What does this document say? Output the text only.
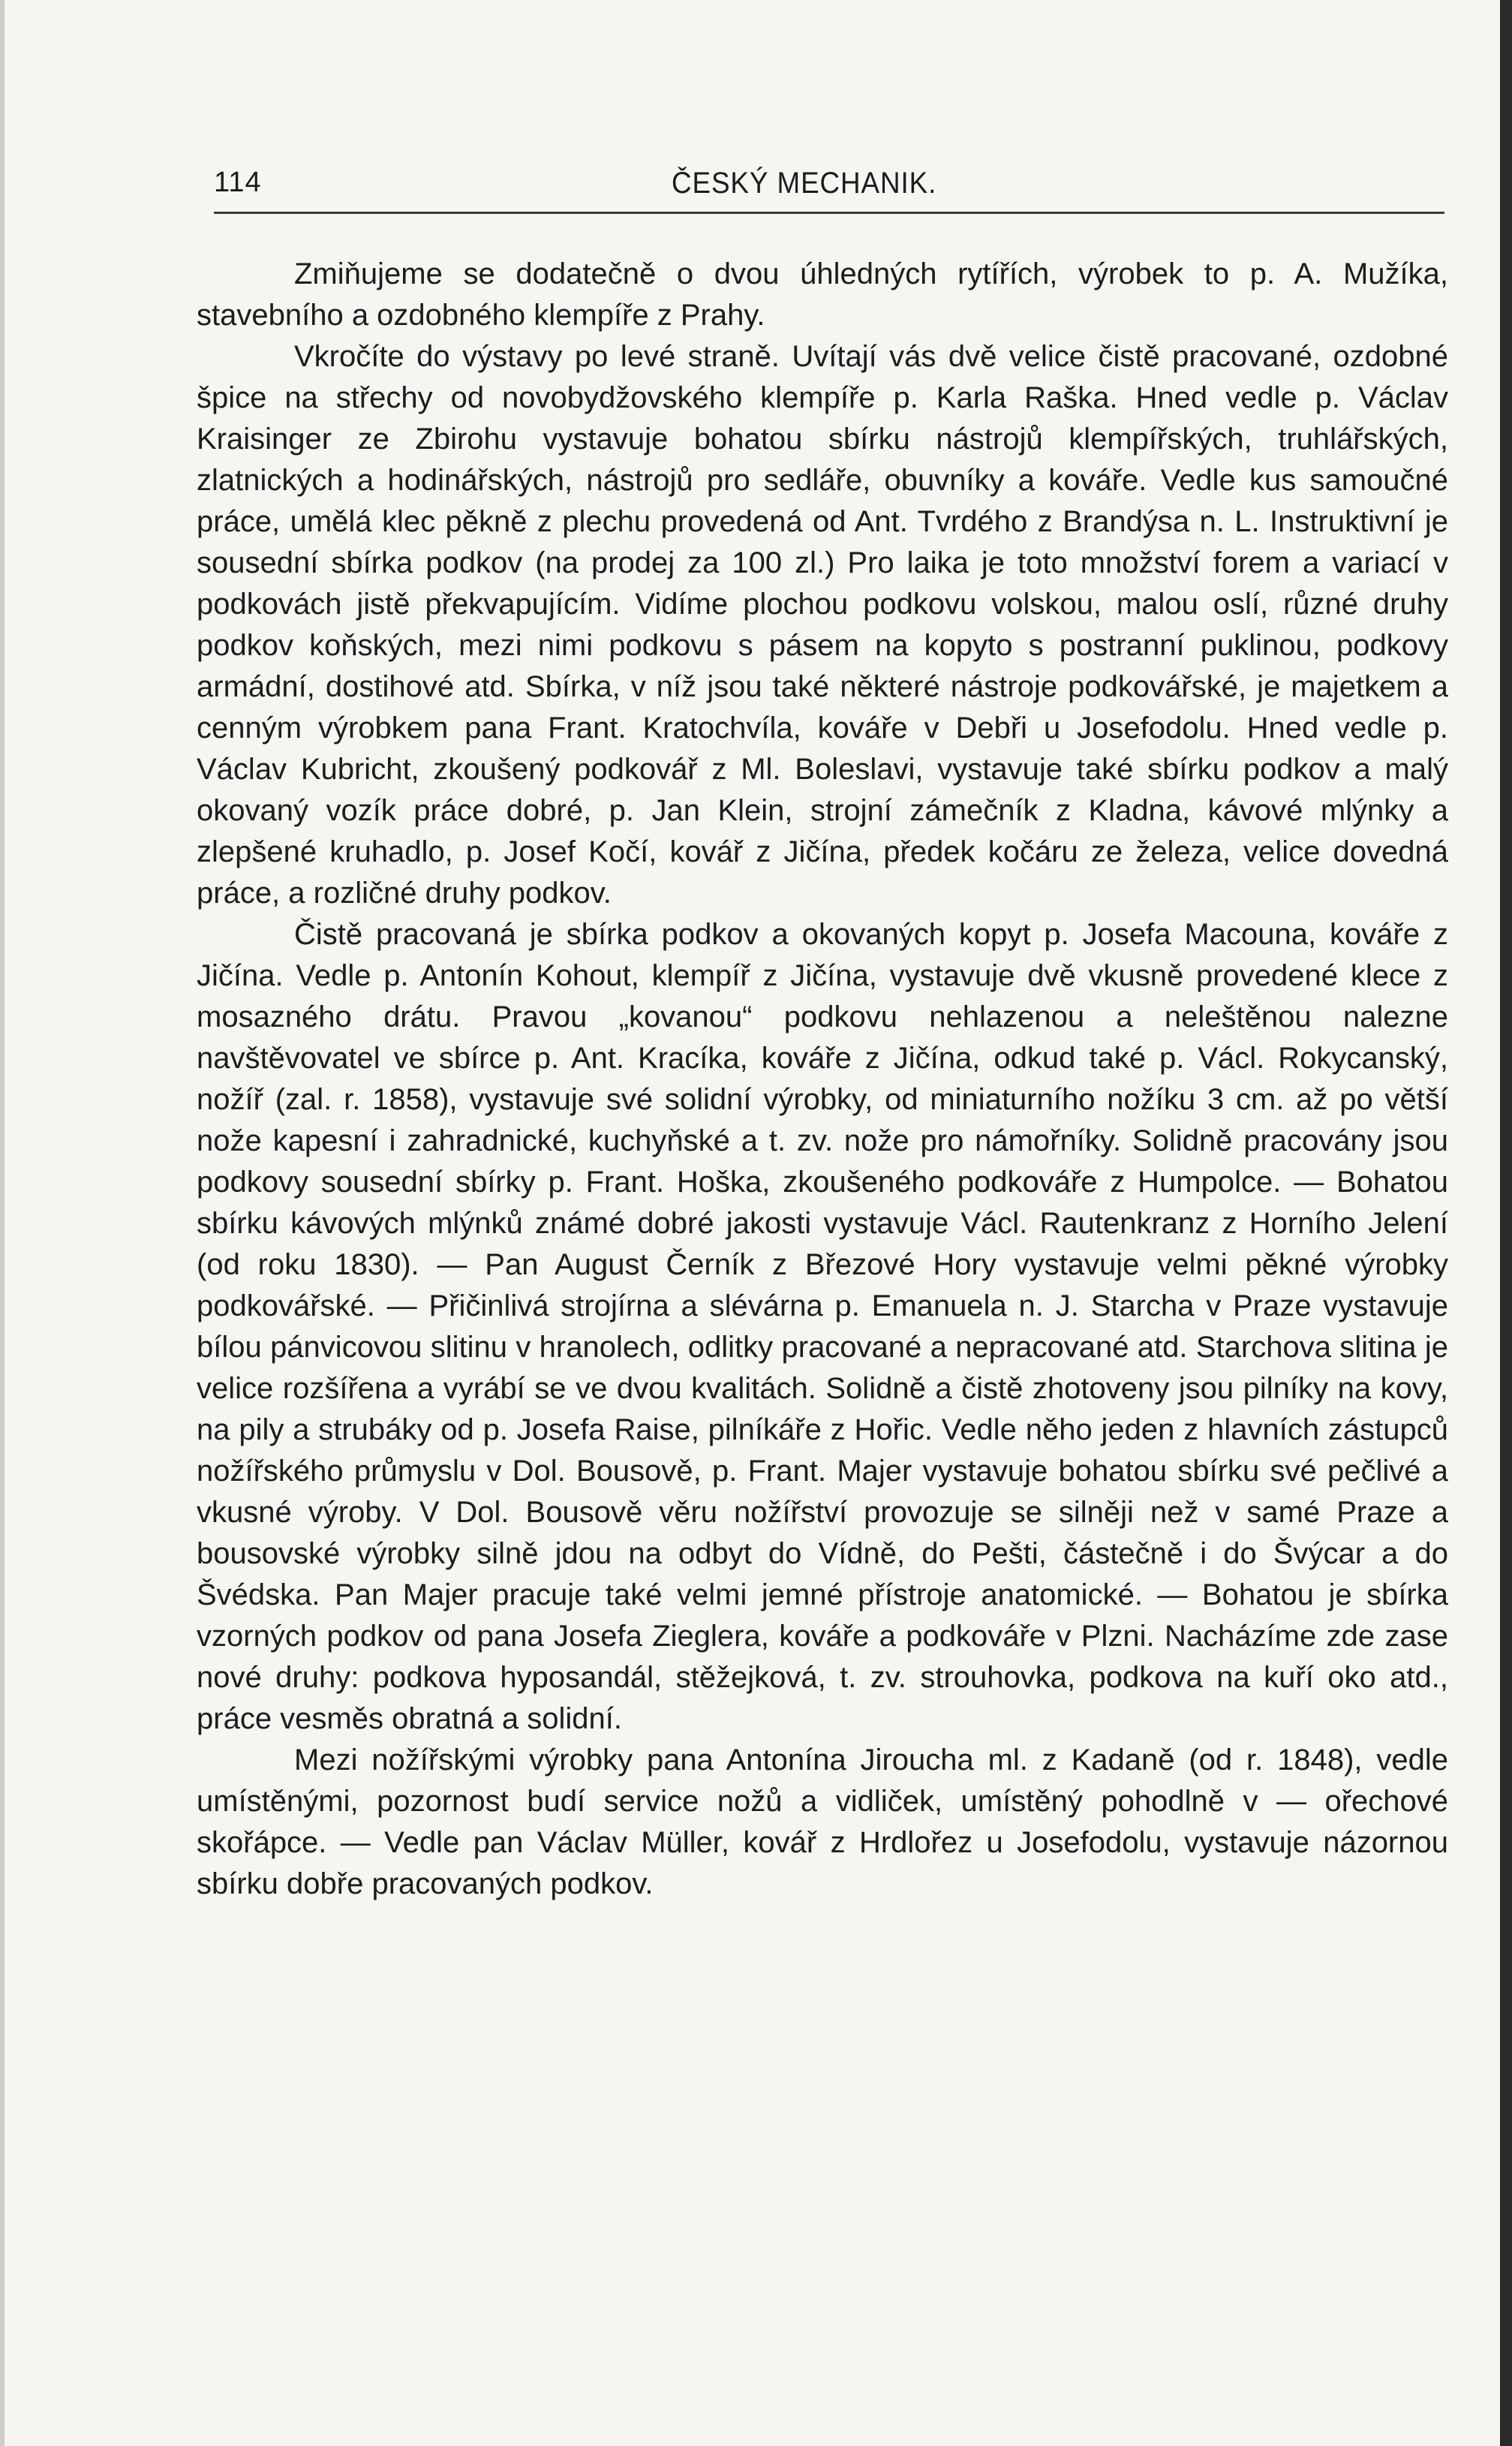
114	ČESKÝ MECHANIK.

Zmiňujeme se dodatečně o dvou úhledných rytířích, výrobek to p. A. Mužíka, stavebního a ozdobného klempíře z Prahy.

Vkročíte do výstavy po levé straně. Uvítají vás dvě velice čistě pracované, ozdobné špice na střechy od novobydžovského klempíře p. Karla Raška. Hned vedle p. Václav Kraisinger ze Zbirohu vystavuje bohatou sbírku nástrojů klempířských, truhlářských, zlatnických a hodinářských, nástrojů pro sedláře, obuvníky a kováře. Vedle kus samoučné práce, umělá klec pěkně z plechu provedená od Ant. Tvrdého z Brandýsa n. L. Instruktivní je sousední sbírka podkov (na prodej za 100 zl.) Pro laika je toto množství forem a variací v podkovách jistě překvapujícím. Vidíme plochou podkovu volskou, malou oslí, různé druhy podkov koňských, mezi nimi podkovu s pásem na kopyto s postranní puklinou, podkovy armádní, dostihové atd. Sbírka, v níž jsou také některé nástroje podkovářské, je majetkem a cenným výrobkem pana Frant. Kratochvíla, kováře v Debři u Josefodolu. Hned vedle p. Václav Kubricht, zkoušený podkovář z Ml. Boleslavi, vystavuje také sbírku podkov a malý okovaný vozík práce dobré, p. Jan Klein, strojní zámečník z Kladna, kávové mlýnky a zlepšené kruhadlo, p. Josef Kočí, kovář z Jičína, předek kočáru ze železa, velice dovedná práce, a rozličné druhy podkov.

Čistě pracovaná je sbírka podkov a okovaných kopyt p. Josefa Macouna, kováře z Jičína. Vedle p. Antonín Kohout, klempíř z Jičína, vystavuje dvě vkusně provedené klece z mosazného drátu. Pravou „kovanou“ podkovu nehlazenou a neleštěnou nalezne navštěvovatel ve sbírce p. Ant. Kracíka, kováře z Jičína, odkud také p. Václ. Rokycanský, nožíř (zal. r. 1858), vystavuje své solidní výrobky, od miniaturního nožíku 3 cm. až po větší nože kapesní i zahradnické, kuchyňské a t. zv. nože pro námořníky. Solidně pracovány jsou podkovy sousední sbírky p. Frant. Hoška, zkoušeného podkováře z Humpolce. — Bohatou sbírku kávových mlýnků známé dobré jakosti vystavuje Václ. Rautenkranz z Horního Jelení (od roku 1830). — Pan August Černík z Březové Hory vystavuje velmi pěkné výrobky podkovářské. — Přičinlivá strojírna a slévárna p. Emanuela n. J. Starcha v Praze vystavuje bílou pánvicovou slitinu v hranolech, odlitky pracované a nepracované atd. Starchova slitina je velice rozšířena a vyrábí se ve dvou kvalitách. Solidně a čistě zhotoveny jsou pilníky na kovy, na pily a strubáky od p. Josefa Raise, pilníkáře z Hořic. Vedle něho jeden z hlavních zástupců nožířského průmyslu v Dol. Bousově, p. Frant. Majer vystavuje bohatou sbírku své pečlivé a vkusné výroby. V Dol. Bousově věru nožířství provozuje se silněji než v samé Praze a bousovské výrobky silně jdou na odbyt do Vídně, do Pešti, částečně i do Švýcar a do Švédska. Pan Majer pracuje také velmi jemné přístroje anatomické. — Bohatou je sbírka vzorných podkov od pana Josefa Zieglera, kováře a podkováře v Plzni. Nacházíme zde zase nové druhy: podkova hyposandál, stěžejková, t. zv. strouhovka, podkova na kuří oko atd., práce vesměs obratná a solidní.

Mezi nožířskými výrobky pana Antonína Jiroucha ml. z Kadaně (od r. 1848), vedle umístěnými, pozornost budí service nožů a vidliček, umístěný pohodlně v — ořechové skořápce. — Vedle pan Václav Müller, kovář z Hrdlořez u Josefodolu, vystavuje názornou sbírku dobře pracovaných podkov.
